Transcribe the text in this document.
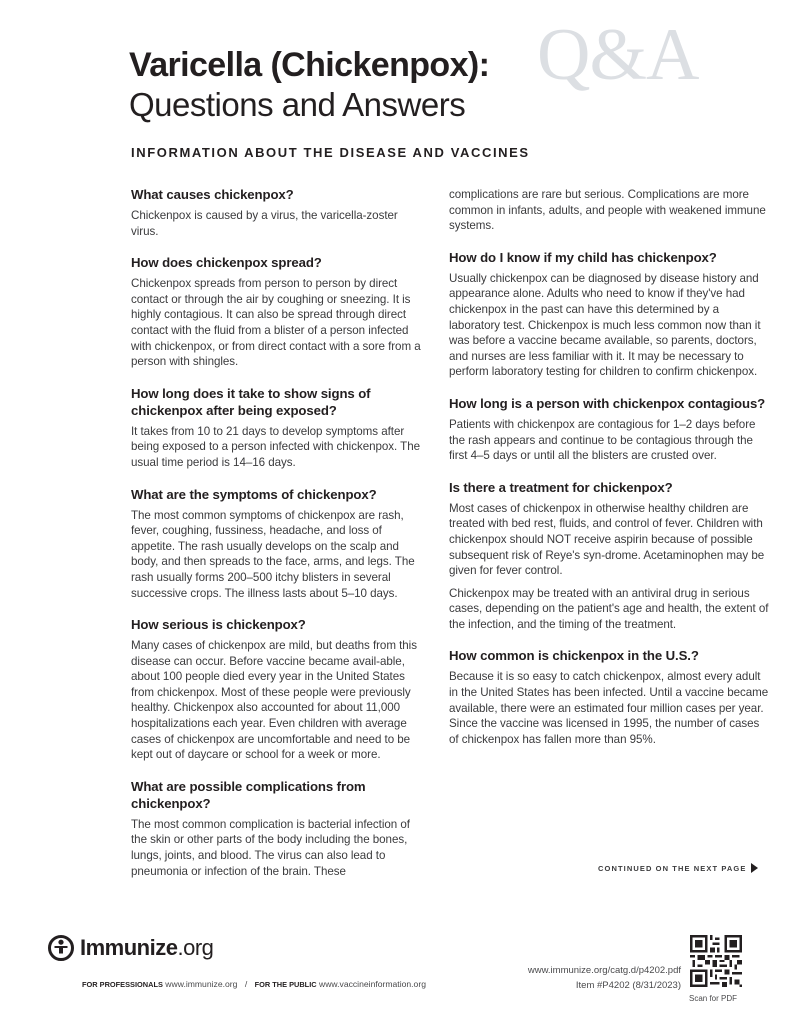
Q&A
Varicella (Chickenpox):
Questions and Answers
INFORMATION ABOUT THE DISEASE AND VACCINES
What causes chickenpox?

Chickenpox is caused by a virus, the varicella-zoster virus.

How does chickenpox spread?

Chickenpox spreads from person to person by direct contact or through the air by coughing or sneezing. It is highly contagious. It can also be spread through direct contact with the fluid from a blister of a person infected with chickenpox, or from direct contact with a sore from a person with shingles.

How long does it take to show signs of chickenpox after being exposed?

It takes from 10 to 21 days to develop symptoms after being exposed to a person infected with chickenpox. The usual time period is 14–16 days.

What are the symptoms of chickenpox?

The most common symptoms of chickenpox are rash, fever, coughing, fussiness, headache, and loss of appetite. The rash usually develops on the scalp and body, and then spreads to the face, arms, and legs. The rash usually forms 200–500 itchy blisters in several successive crops. The illness lasts about 5–10 days.

How serious is chickenpox?

Many cases of chickenpox are mild, but deaths from this disease can occur. Before vaccine became avail-able, about 100 people died every year in the United States from chickenpox. Most of these people were previously healthy. Chickenpox also accounted for about 11,000 hospitalizations each year. Even children with average cases of chickenpox are uncomfortable and need to be kept out of daycare or school for a week or more.

What are possible complications from chickenpox?

The most common complication is bacterial infection of the skin or other parts of the body including the bones, lungs, joints, and blood. The virus can also lead to pneumonia or infection of the brain. These

complications are rare but serious. Complications are more common in infants, adults, and people with weakened immune systems.

How do I know if my child has chickenpox?

Usually chickenpox can be diagnosed by disease history and appearance alone. Adults who need to know if they've had chickenpox in the past can have this determined by a laboratory test. Chickenpox is much less common now than it was before a vaccine became available, so parents, doctors, and nurses are less familiar with it. It may be necessary to perform laboratory testing for children to confirm chickenpox.

How long is a person with chickenpox contagious?

Patients with chickenpox are contagious for 1–2 days before the rash appears and continue to be contagious through the first 4–5 days or until all the blisters are crusted over.

Is there a treatment for chickenpox?

Most cases of chickenpox in otherwise healthy children are treated with bed rest, fluids, and control of fever. Children with chickenpox should NOT receive aspirin because of possible subsequent risk of Reye's syn-drome. Acetaminophen may be given for fever control.

Chickenpox may be treated with an antiviral drug in serious cases, depending on the patient's age and health, the extent of the infection, and the timing of the treatment.

How common is chickenpox in the U.S.?

Because it is so easy to catch chickenpox, almost every adult in the United States has been infected. Until a vaccine became available, there were an estimated four million cases per year. Since the vaccine was licensed in 1995, the number of cases of chickenpox has fallen more than 95%.

CONTINUED ON THE NEXT PAGE
Immunize.org
FOR PROFESSIONALS www.immunize.org / FOR THE PUBLIC www.vaccineinformation.org
www.immunize.org/catg.d/p4202.pdf
Item #P4202 (8/31/2023)
Scan for PDF
